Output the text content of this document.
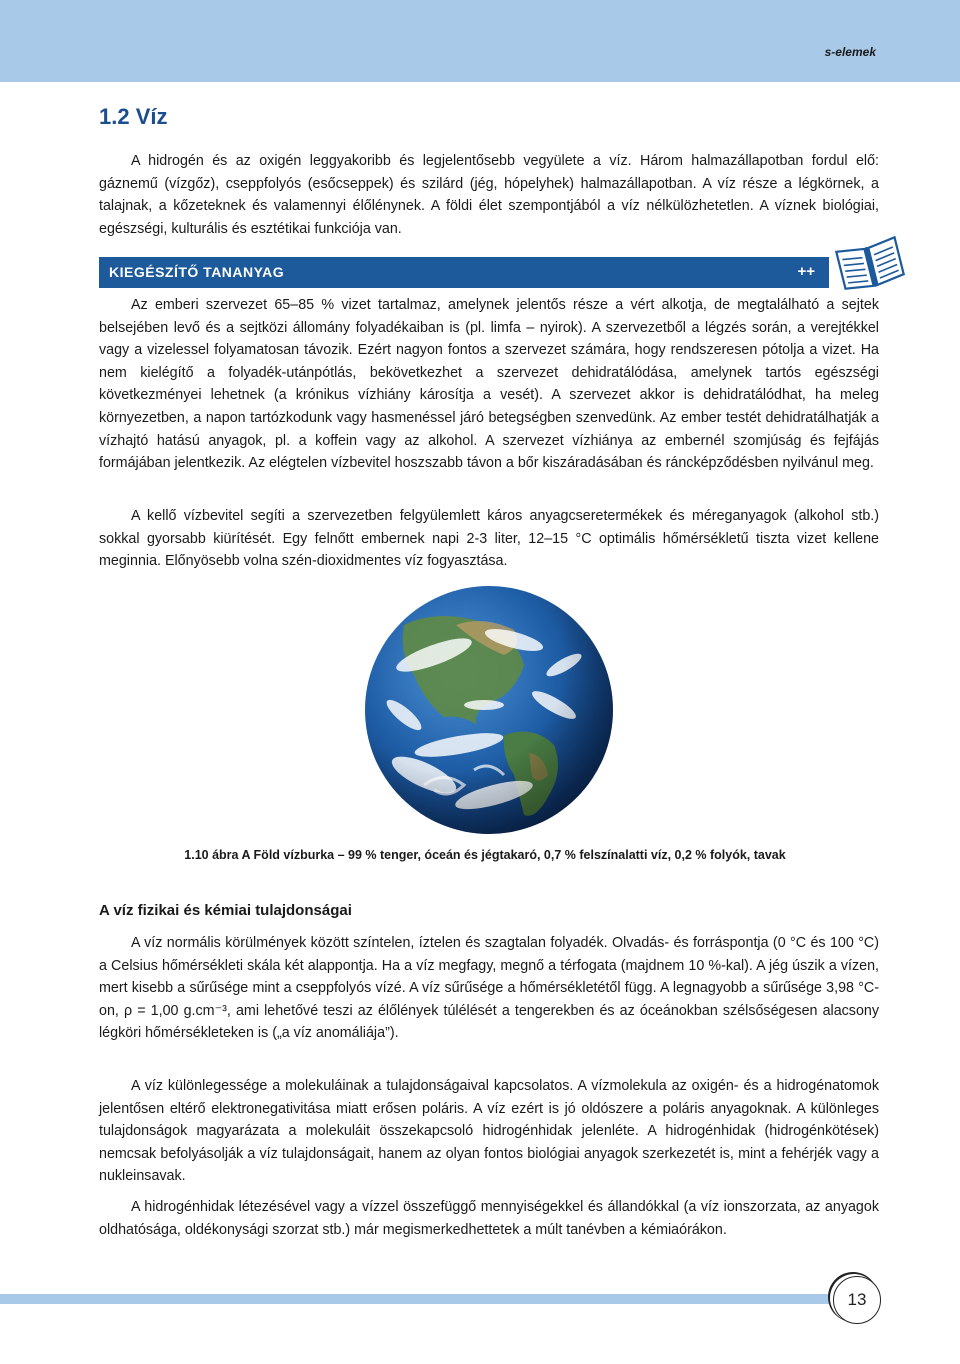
s-elemek
1.2 Víz

A hidrogén és az oxigén leggyakoribb és legjelentősebb vegyülete a víz. Három halmazállapotban fordul elő: gáznemű (vízgőz), cseppfolyós (esőcseppek) és szilárd (jég, hópelyhek) halmazállapotban. A víz része a légkörnek, a talajnak, a kőzeteknek és valamennyi élőlénynek. A földi élet szempontjából a víz nélkülözhetetlen. A víznek biológiai, egészségi, kulturális és esztétikai funkciója van.

KIEGÉSZÍTŐ TANANYAG	++

Az emberi szervezet 65–85 % vizet tartalmaz, amelynek jelentős része a vért alkotja, de megtalálható a sejtek belsejében levő és a sejtközi állomány folyadékaiban is (pl. limfa – nyirok). A szervezetből a légzés során, a verejtékkel vagy a vizelessel folyamatosan távozik. Ezért nagyon fontos a szervezet számára, hogy rendszeresen pótolja a vizet. Ha nem kielégítő a folyadék-utánpótlás, bekövetkezhet a szervezet dehidratálódása, amelynek tartós egészségi következményei lehetnek (a krónikus vízhiány károsítja a vesét). A szervezet akkor is dehidratálódhat, ha meleg környezetben, a napon tartózkodunk vagy hasmenéssel járó betegségben szenvedünk. Az ember testét dehidratálhatják a vízhajtó hatású anyagok, pl. a koffein vagy az alkohol. A szervezet vízhiánya az embernél szomjúság és fejfájás formájában jelentkezik. Az elégtelen vízbevitel hoszszabb távon a bőr kiszáradásában és ráncképződésben nyilvánul meg.

A kellő vízbevitel segíti a szervezetben felgyülemlett káros anyagcseretermékek és méreganyagok (alkohol stb.) sokkal gyorsabb kiürítését. Egy felnőtt embernek napi 2-3 liter, 12–15 °C optimális hőmérsékletű tiszta vizet kellene meginnia. Előnyösebb volna szén-dioxidmentes víz fogyasztása.

1.10 ábra A Föld vízburka – 99 % tenger, óceán és jégtakaró, 0,7 % felszínalatti víz, 0,2 % folyók, tavak

A víz fizikai és kémiai tulajdonságai

A víz normális körülmények között színtelen, íztelen és szagtalan folyadék. Olvadás- és forráspontja (0 °C és 100 °C) a Celsius hőmérsékleti skála két alappontja. Ha a víz megfagy, megnő a térfogata (majdnem 10 %-kal). A jég úszik a vízen, mert kisebb a sűrűsége mint a cseppfolyós vízé. A víz sűrűsége a hőmérsékletétől függ. A legnagyobb a sűrűsége 3,98 °C-on, ρ = 1,00 g.cm⁻³, ami lehetővé teszi az élőlények túlélését a tengerekben és az óceánokban szélsőségesen alacsony légköri hőmérsékleteken is („a víz anomáliája”).

A víz különlegessége a molekuláinak a tulajdonságaival kapcsolatos. A vízmolekula az oxigén- és a hidrogénatomok jelentősen eltérő elektronegativitása miatt erősen poláris. A víz ezért is jó oldószere a poláris anyagoknak. A különleges tulajdonságok magyarázata a molekuláit összekapcsoló hidrogénhidak jelenléte. A hidrogénhidak (hidrogénkötések) nemcsak befolyásolják a víz tulajdonságait, hanem az olyan fontos biológiai anyagok szerkezetét is, mint a fehérjék vagy a nukleinsavak.

A hidrogénhidak létezésével vagy a vízzel összefüggő mennyiségekkel és állandókkal (a víz ionszorzata, az anyagok oldhatósága, oldékonysági szorzat stb.) már megismerkedhettetek a múlt tanévben a kémiaórákon.

13
